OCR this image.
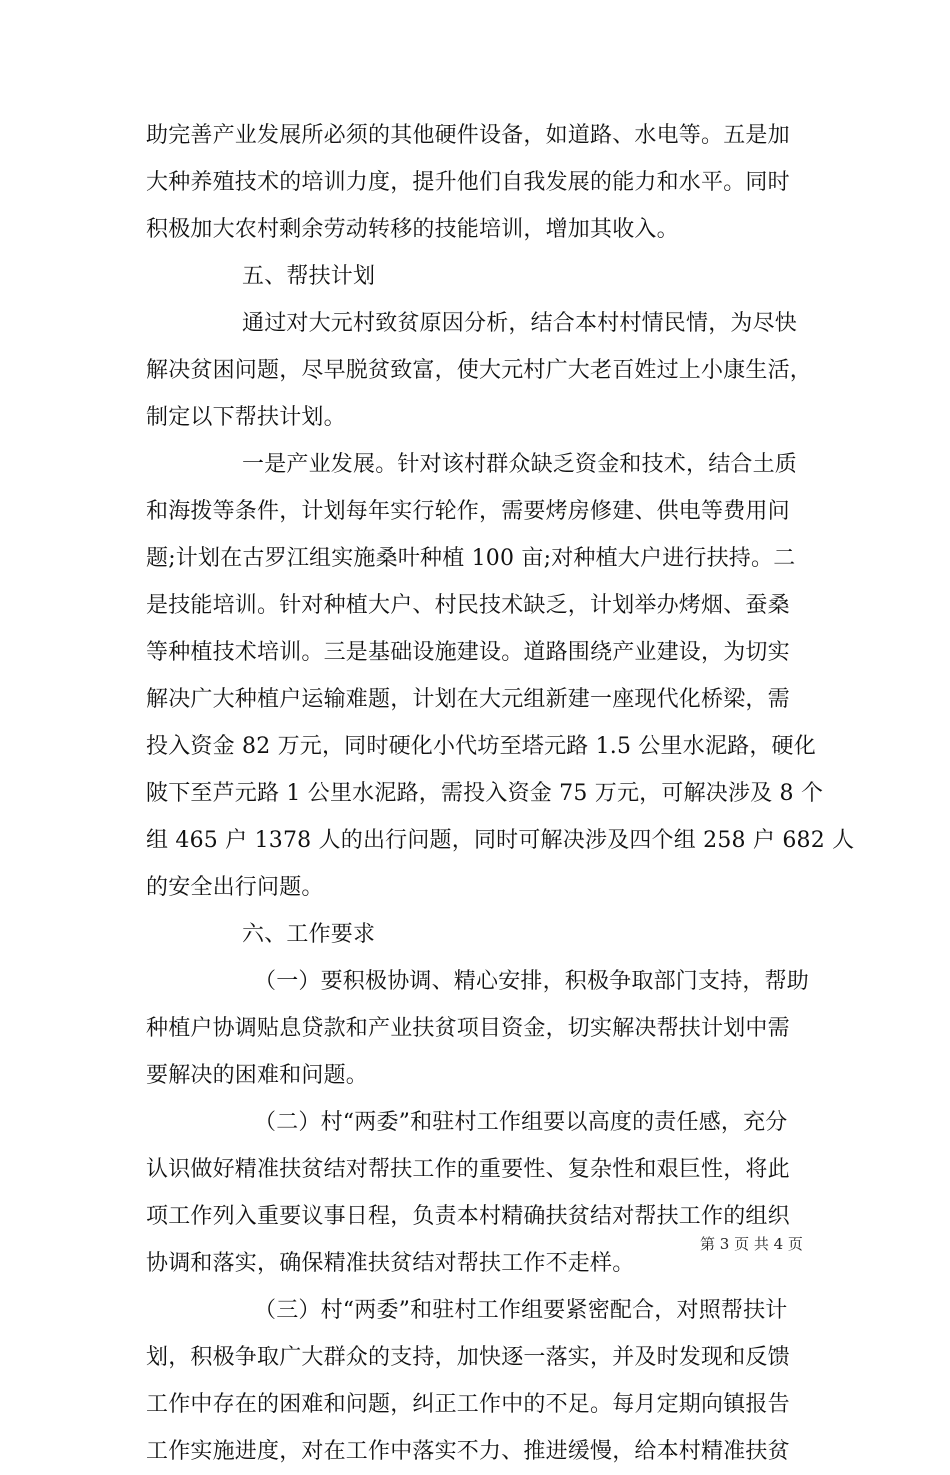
助完善产业发展所必须的其他硬件设备，如道路、水电等。五是加
大种养殖技术的培训力度，提升他们自我发展的能力和水平。同时
积极加大农村剩余劳动转移的技能培训，增加其收入。
五、帮扶计划
通过对大元村致贫原因分析，结合本村村情民情，为尽快
解决贫困问题，尽早脱贫致富，使大元村广大老百姓过上小康生活，
制定以下帮扶计划。
一是产业发展。针对该村群众缺乏资金和技术，结合土质
和海拨等条件，计划每年实行轮作，需要烤房修建、供电等费用问
题;计划在古罗江组实施桑叶种植 100 亩;对种植大户进行扶持。二
是技能培训。针对种植大户、村民技术缺乏，计划举办烤烟、蚕桑
等种植技术培训。三是基础设施建设。道路围绕产业建设，为切实
解决广大种植户运输难题，计划在大元组新建一座现代化桥梁，需
投入资金 82 万元，同时硬化小代坊至塔元路 1.5 公里水泥路，硬化
陂下至芦元路 1 公里水泥路，需投入资金 75 万元，可解决涉及 8 个
组 465 户 1378 人的出行问题，同时可解决涉及四个组 258 户 682 人
的安全出行问题。
六、工作要求
（一）要积极协调、精心安排，积极争取部门支持，帮助
种植户协调贴息贷款和产业扶贫项目资金，切实解决帮扶计划中需
要解决的困难和问题。
（二）村“两委”和驻村工作组要以高度的责任感，充分
认识做好精准扶贫结对帮扶工作的重要性、复杂性和艰巨性，将此
项工作列入重要议事日程，负责本村精确扶贫结对帮扶工作的组织
协调和落实，确保精准扶贫结对帮扶工作不走样。
（三）村“两委”和驻村工作组要紧密配合，对照帮扶计
划，积极争取广大群众的支持，加快逐一落实，并及时发现和反馈
工作中存在的困难和问题，纠正工作中的不足。每月定期向镇报告
工作实施进度，对在工作中落实不力、推进缓慢，给本村精准扶贫
第 3 页 共 4 页
